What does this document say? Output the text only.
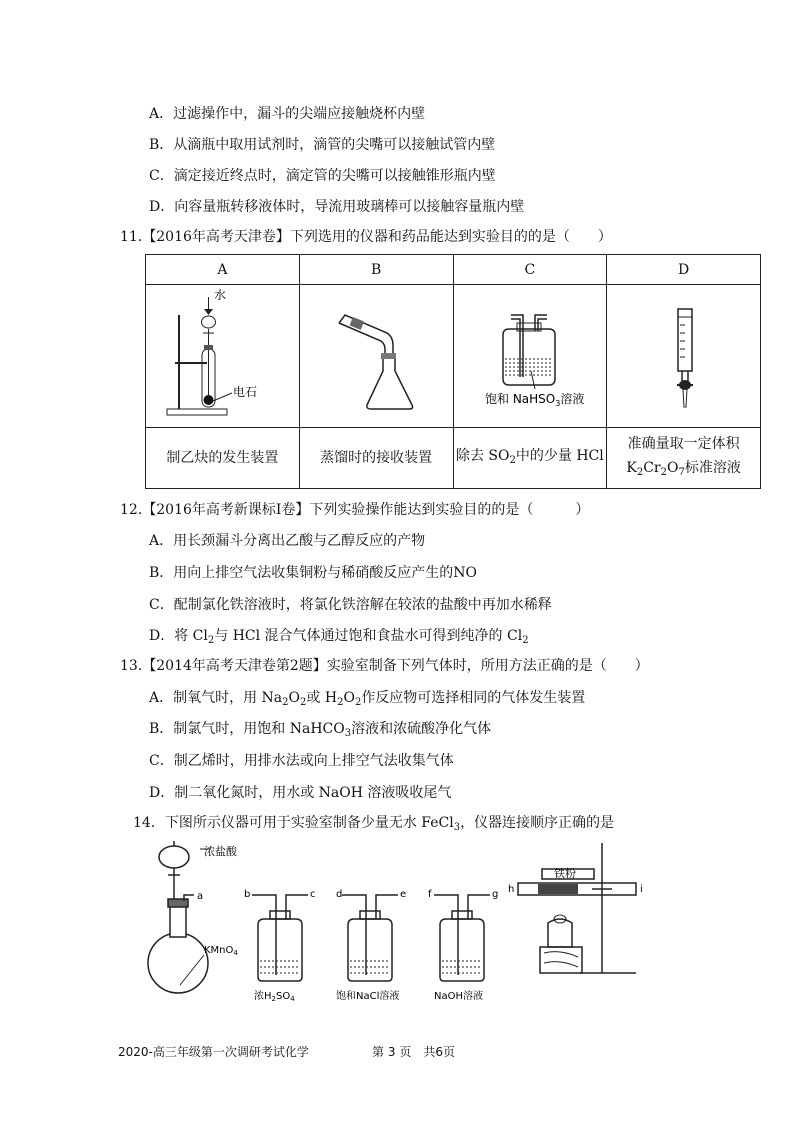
A．过滤操作中，漏斗的尖端应接触烧杯内壁
B．从滴瓶中取用试剂时，滴管的尖嘴可以接触试管内壁
C．滴定接近终点时，滴定管的尖嘴可以接触锥形瓶内壁
D．向容量瓶转移液体时，导流用玻璃棒可以接触容量瓶内壁
11.【2016年高考天津卷】下列选用的仪器和药品能达到实验目的的是（　　）
A	B	C	D

水
电石		饱和 NaHSO$_3$溶液

制乙炔的发生装置	蒸馏时的接收装置	除去 $SO_2$中的少量 HCl	准确量取一定体积
$K_2Cr_2O_7$标准溶液
12.【2016年高考新课标Ⅰ卷】下列实验操作能达到实验目的的是（　　　）
A．用长颈漏斗分离出乙酸与乙醇反应的产物
B．用向上排空气法收集铜粉与稀硝酸反应产生的NO
C．配制氯化铁溶液时，将氯化铁溶解在较浓的盐酸中再加水稀释
D．将 $Cl_2$与 HCl 混合气体通过饱和食盐水可得到纯净的 $Cl_2$
13.【2014年高考天津卷第2题】实验室制备下列气体时，所用方法正确的是（　　）
A．制氧气时，用 $Na_2O_2$或 $H_2O_2$作反应物可选择相同的气体发生装置
B．制氯气时，用饱和 NaHCO$_3$溶液和浓硫酸净化气体
C．制乙烯时，用排水法或向上排空气法收集气体
D．制二氧化氮时，用水或 NaOH 溶液吸收尾气
14．下图所示仪器可用于实验室制备少量无水 FeCl$_3$，仪器连接顺序正确的是
浓盐酸
a
KMnO$_4$
b	c
浓$H_2SO_4$
d	e
饱和NaCl溶液
f	g
NaOH溶液
h	i
铁粉
2020-高三年级第一次调研考试化学	第 3 页　共6页
